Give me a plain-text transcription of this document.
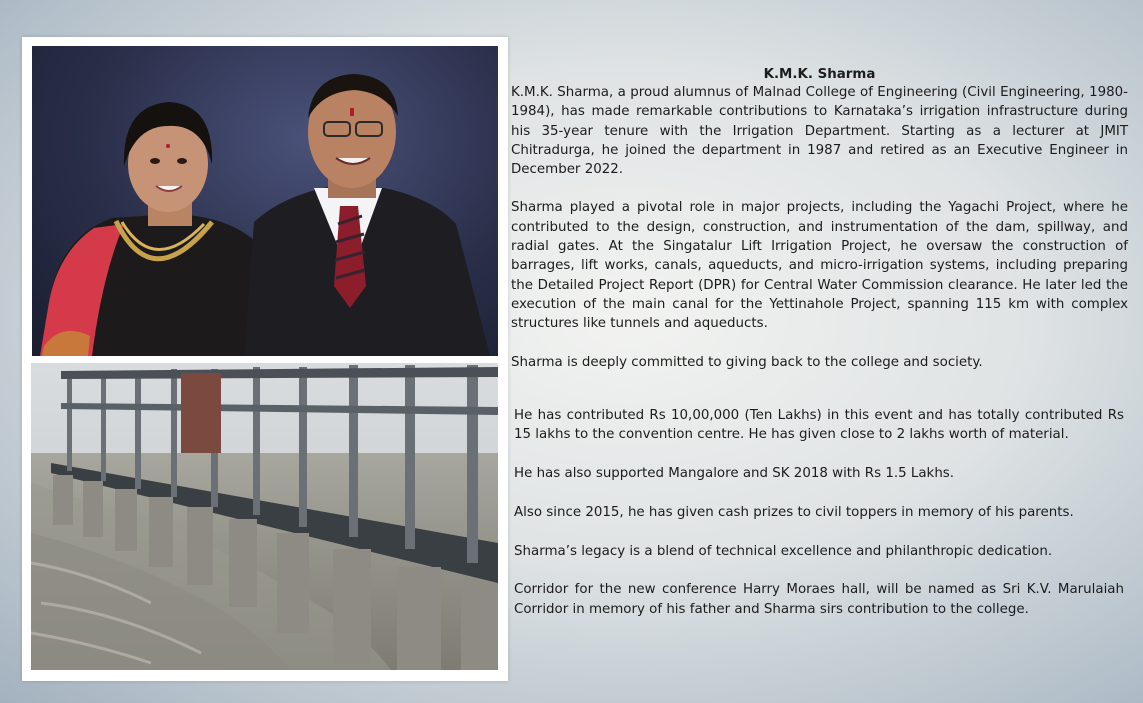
K.M.K. Sharma

K.M.K. Sharma, a proud alumnus of Malnad College of Engineering (Civil Engineering, 1980-1984), has made remarkable contributions to Karnataka’s irrigation infrastructure during his 35-year tenure with the Irrigation Department. Starting as a lecturer at JMIT Chitradurga, he joined the department in 1987 and retired as an Executive Engineer in December 2022.

Sharma played a pivotal role in major projects, including the Yagachi Project, where he contributed to the design, construction, and instrumentation of the dam, spillway, and radial gates. At the Singatalur Lift Irrigation Project, he oversaw the construction of barrages, lift works, canals, aqueducts, and micro-irrigation systems, including preparing the Detailed Project Report (DPR) for Central Water Commission clearance. He later led the execution of the main canal for the Yettinahole Project, spanning 115 km with complex structures like tunnels and aqueducts.

Sharma is deeply committed to giving back to the college and society.

He has contributed Rs 10,00,000 (Ten Lakhs) in this event and has totally contributed Rs 15 lakhs to the convention centre. He has given close to 2 lakhs worth of material.

He has also supported Mangalore and SK 2018 with Rs 1.5 Lakhs.

Also since 2015, he has given cash prizes to civil toppers in memory of his parents.

Sharma’s legacy is a blend of technical excellence and philanthropic dedication.

Corridor for the new conference Harry Moraes hall, will be named as Sri K.V. Marulaiah Corridor in memory of his father and Sharma sirs contribution to the college.
